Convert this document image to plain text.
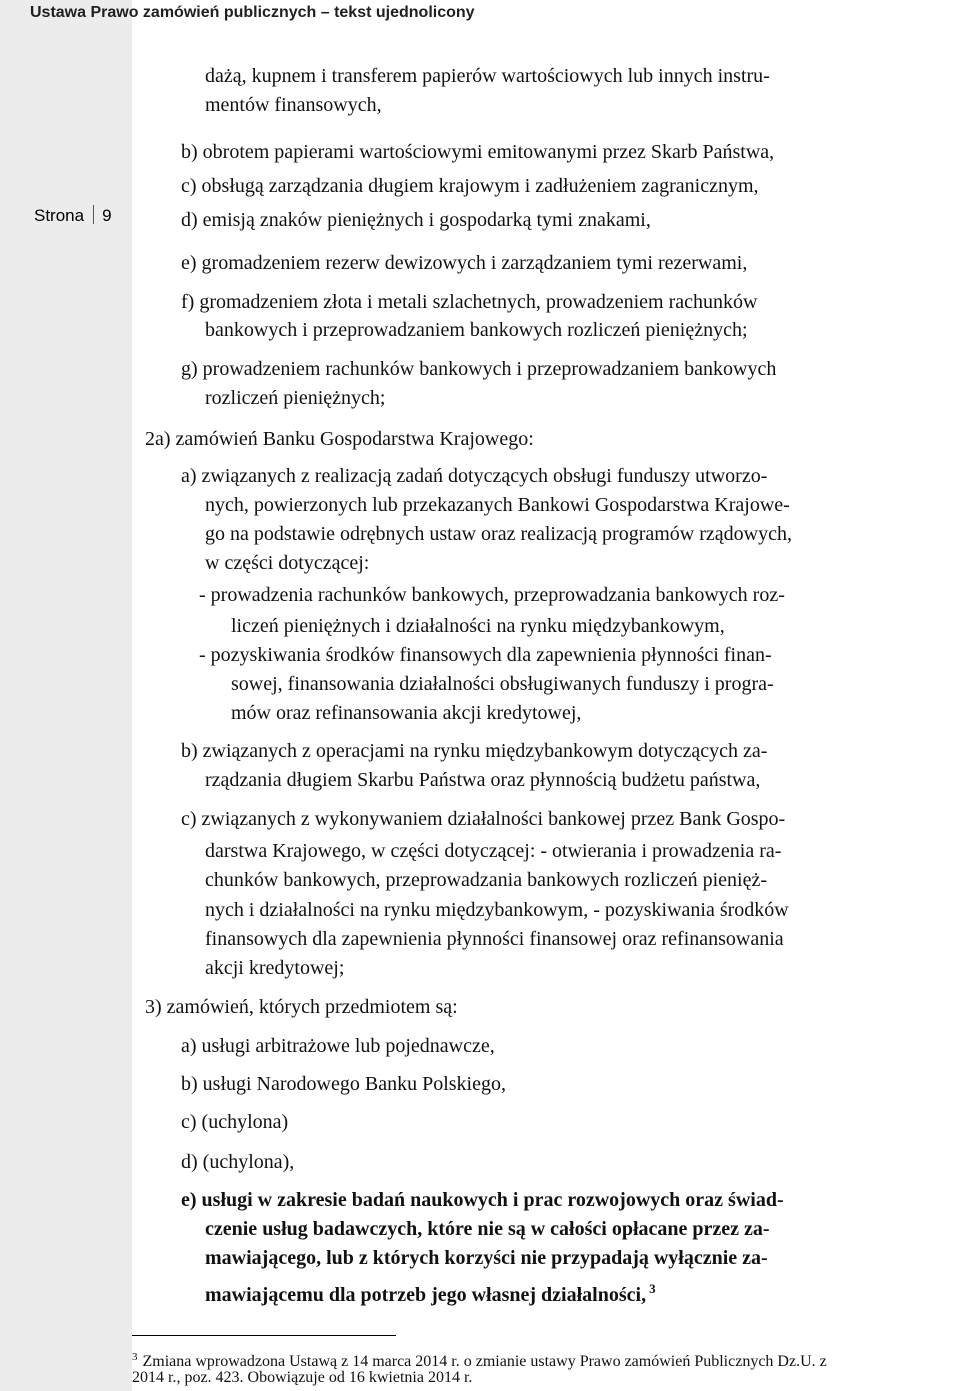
Ustawa Prawo zamówień publicznych – tekst ujednolicony
Strona 9
dażą, kupnem i transferem papierów wartościowych lub innych instru-
mentów finansowych,
b) obrotem papierami wartościowymi emitowanymi przez Skarb Państwa,
c) obsługą zarządzania długiem krajowym i zadłużeniem zagranicznym,
d) emisją znaków pieniężnych i gospodarką tymi znakami,
e) gromadzeniem rezerw dewizowych i zarządzaniem tymi rezerwami,
f) gromadzeniem złota i metali szlachetnych, prowadzeniem rachunków
bankowych i przeprowadzaniem bankowych rozliczeń pieniężnych;
g) prowadzeniem rachunków bankowych i przeprowadzaniem bankowych
rozliczeń pieniężnych;
2a) zamówień Banku Gospodarstwa Krajowego:
a) związanych z realizacją zadań dotyczących obsługi funduszy utworzo-
nych, powierzonych lub przekazanych Bankowi Gospodarstwa Krajowe-
go na podstawie odrębnych ustaw oraz realizacją programów rządowych,
w części dotyczącej:
- prowadzenia rachunków bankowych, przeprowadzania bankowych roz-
liczeń pieniężnych i działalności na rynku międzybankowym,
- pozyskiwania środków finansowych dla zapewnienia płynności finan-
sowej, finansowania działalności obsługiwanych funduszy i progra-
mów oraz refinansowania akcji kredytowej,
b) związanych z operacjami na rynku międzybankowym dotyczących za-
rządzania długiem Skarbu Państwa oraz płynnością budżetu państwa,
c) związanych z wykonywaniem działalności bankowej przez Bank Gospo-
darstwa Krajowego, w części dotyczącej: - otwierania i prowadzenia ra-
chunków bankowych, przeprowadzania bankowych rozliczeń pienięż-
nych i działalności na rynku międzybankowym, - pozyskiwania środków
finansowych dla zapewnienia płynności finansowej oraz refinansowania
akcji kredytowej;
3) zamówień, których przedmiotem są:
a) usługi arbitrażowe lub pojednawcze,
b) usługi Narodowego Banku Polskiego,
c) (uchylona)
d) (uchylona),
e) usługi w zakresie badań naukowych i prac rozwojowych oraz świad-
czenie usług badawczych, które nie są w całości opłacane przez za-
mawiającego, lub z których korzyści nie przypadają wyłącznie za-
mawiającemu dla potrzeb jego własnej działalności, $^3$
$^3$ Zmiana wprowadzona Ustawą z 14 marca 2014 r. o zmianie ustawy Prawo zamówień Publicznych Dz.U. z
2014 r., poz. 423. Obowiązuje od 16 kwietnia 2014 r.
